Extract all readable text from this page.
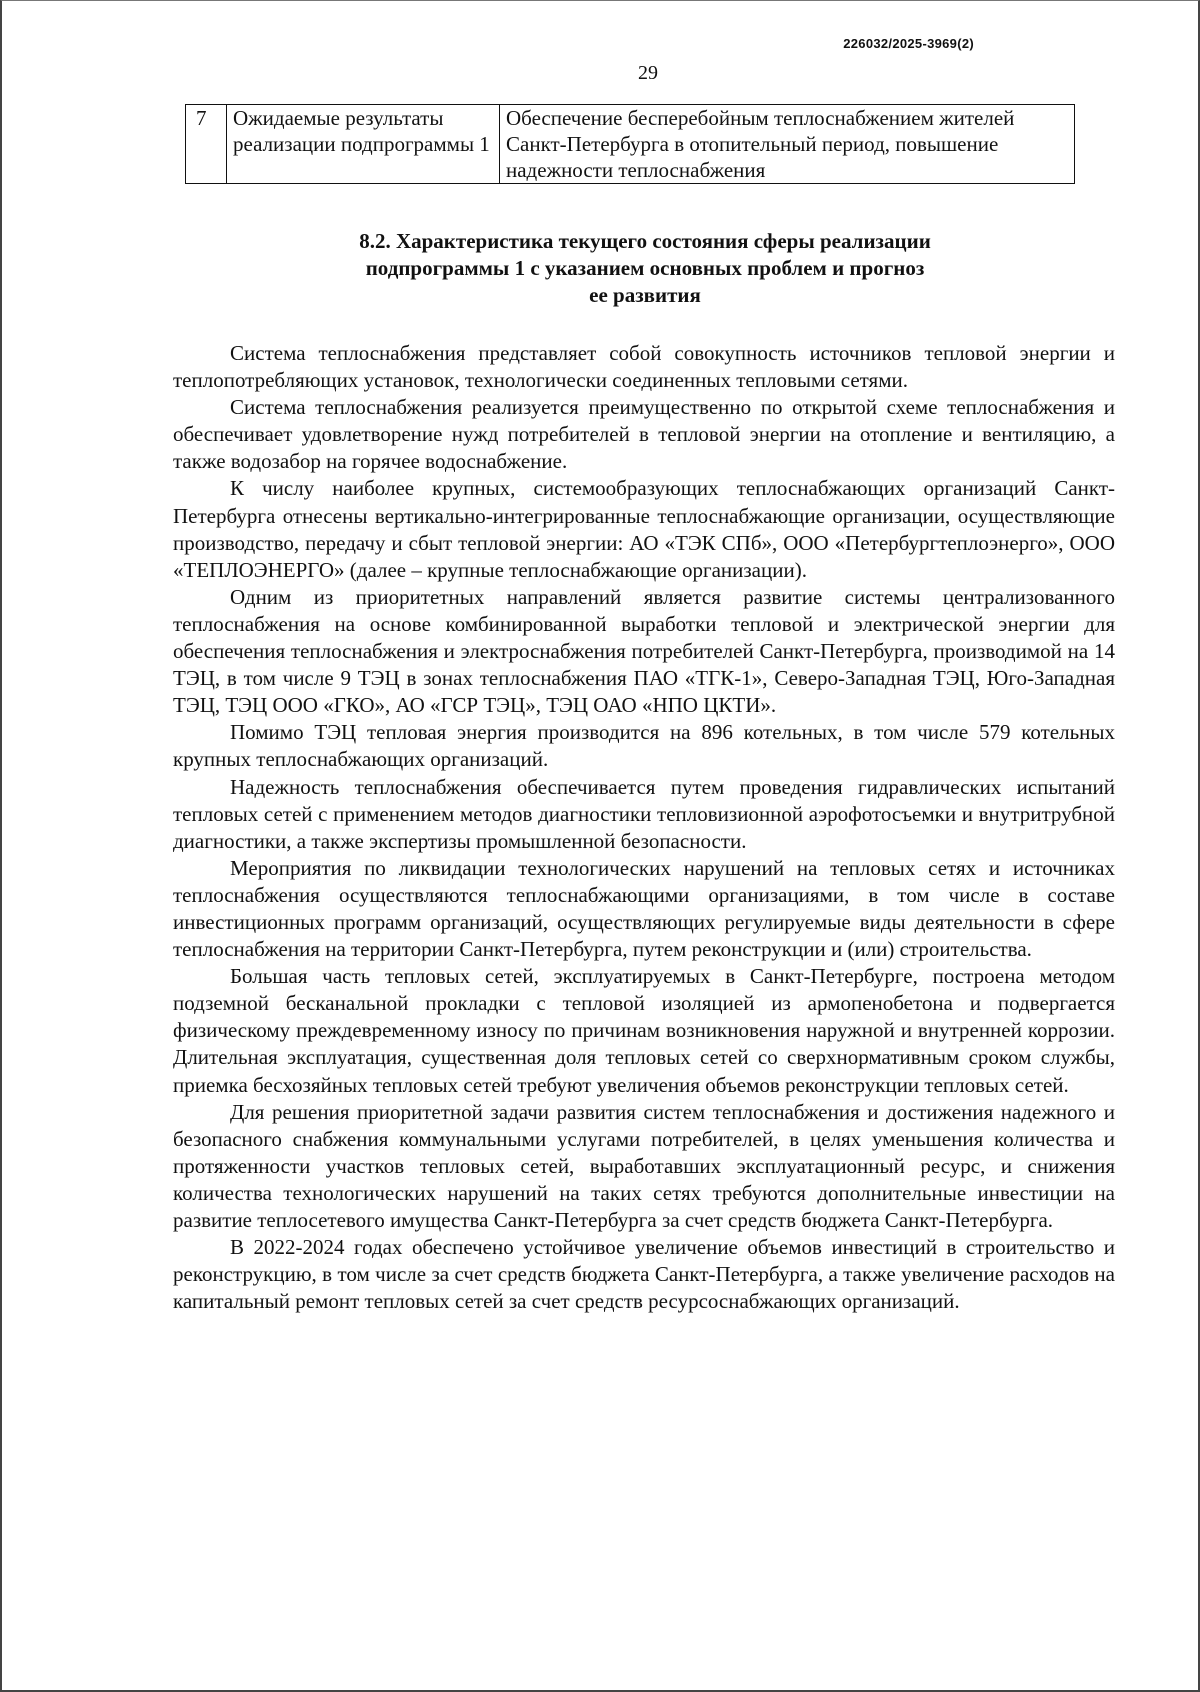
226032/2025-3969(2)
29
7	Ожидаемые результаты реализации подпрограммы 1	Обеспечение бесперебойным теплоснабжением жителей Санкт-Петербурга в отопительный период, повышение надежности теплоснабжения
8.2. Характеристика текущего состояния сферы реализации
подпрограммы 1 с указанием основных проблем и прогноз
ее развития

Система теплоснабжения представляет собой совокупность источников тепловой энергии и теплопотребляющих установок, технологически соединенных тепловыми сетями.

Система теплоснабжения реализуется преимущественно по открытой схеме теплоснабжения и обеспечивает удовлетворение нужд потребителей в тепловой энергии на отопление и вентиляцию, а также водозабор на горячее водоснабжение.

К числу наиболее крупных, системообразующих теплоснабжающих организаций Санкт-Петербурга отнесены вертикально-интегрированные теплоснабжающие организации, осуществляющие производство, передачу и сбыт тепловой энергии: АО «ТЭК СПб», ООО «Петербургтеплоэнерго», ООО «ТЕПЛОЭНЕРГО» (далее – крупные теплоснабжающие организации).

Одним из приоритетных направлений является развитие системы централизованного теплоснабжения на основе комбинированной выработки тепловой и электрической энергии для обеспечения теплоснабжения и электроснабжения потребителей Санкт-Петербурга, производимой на 14 ТЭЦ, в том числе 9 ТЭЦ в зонах теплоснабжения ПАО «ТГК-1», Северо-Западная ТЭЦ, Юго-Западная ТЭЦ, ТЭЦ ООО «ГКО», АО «ГСР ТЭЦ», ТЭЦ ОАО «НПО ЦКТИ».

Помимо ТЭЦ тепловая энергия производится на 896 котельных, в том числе 579 котельных крупных теплоснабжающих организаций.

Надежность теплоснабжения обеспечивается путем проведения гидравлических испытаний тепловых сетей с применением методов диагностики тепловизионной аэрофотосъемки и внутритрубной диагностики, а также экспертизы промышленной безопасности.

Мероприятия по ликвидации технологических нарушений на тепловых сетях и источниках теплоснабжения осуществляются теплоснабжающими организациями, в том числе в составе инвестиционных программ организаций, осуществляющих регулируемые виды деятельности в сфере теплоснабжения на территории Санкт-Петербурга, путем реконструкции и (или) строительства.

Большая часть тепловых сетей, эксплуатируемых в Санкт-Петербурге, построена методом подземной бесканальной прокладки с тепловой изоляцией из армопенобетона и подвергается физическому преждевременному износу по причинам возникновения наружной и внутренней коррозии. Длительная эксплуатация, существенная доля тепловых сетей со сверхнормативным сроком службы, приемка бесхозяйных тепловых сетей требуют увеличения объемов реконструкции тепловых сетей.

Для решения приоритетной задачи развития систем теплоснабжения и достижения надежного и безопасного снабжения коммунальными услугами потребителей, в целях уменьшения количества и протяженности участков тепловых сетей, выработавших эксплуатационный ресурс, и снижения количества технологических нарушений на таких сетях требуются дополнительные инвестиции на развитие теплосетевого имущества Санкт-Петербурга за счет средств бюджета Санкт-Петербурга.

В 2022-2024 годах обеспечено устойчивое увеличение объемов инвестиций в строительство и реконструкцию, в том числе за счет средств бюджета Санкт-Петербурга, а также увеличение расходов на капитальный ремонт тепловых сетей за счет средств ресурсоснабжающих организаций.
